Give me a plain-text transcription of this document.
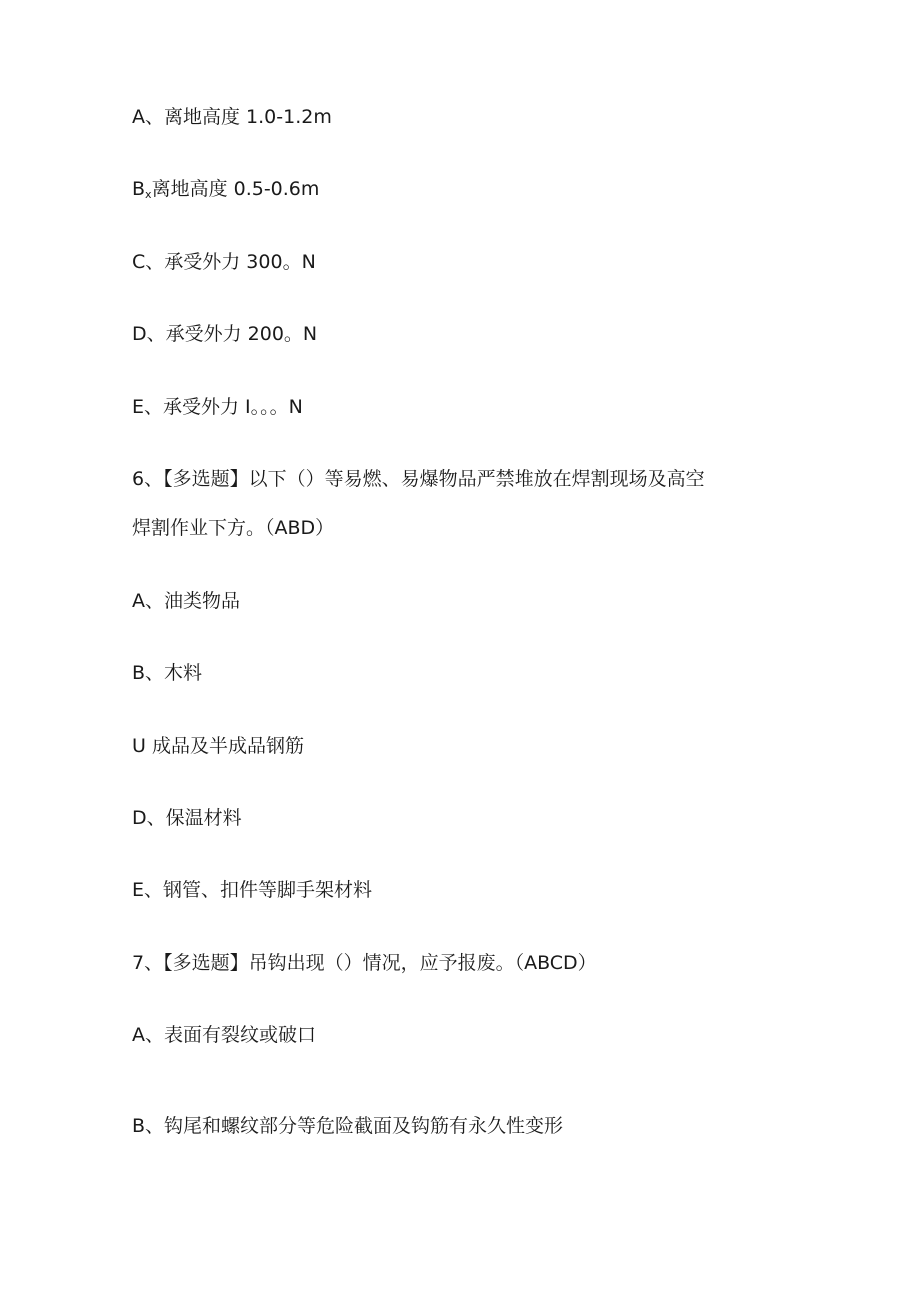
A、离地高度 1.0-1.2m
$B_x$离地高度 0.5-0.6m
C、承受外力 300。N
D、承受外力 200。N
E、承受外力 I。。。N
6、【多选题】以下（）等易燃、易爆物品严禁堆放在焊割现场及高空
焊割作业下方。（ABD）
A、油类物品
B、木料
U 成品及半成品钢筋
D、保温材料
E、钢管、扣件等脚手架材料
7、【多选题】吊钩出现（）情况，应予报废。（ABCD）
A、表面有裂纹或破口
B、钩尾和螺纹部分等危险截面及钩筋有永久性变形
